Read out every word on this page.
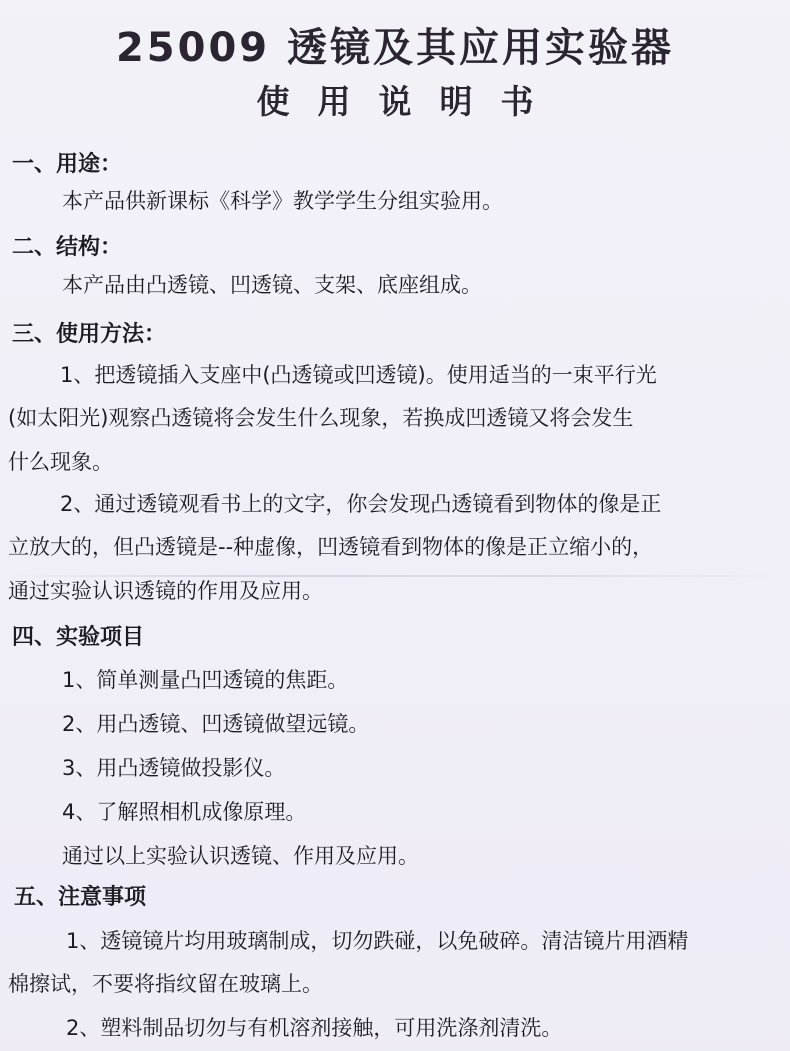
25009 透镜及其应用实验器
使用说明书
一、用途：
本产品供新课标《科学》教学学生分组实验用。
二、结构：
本产品由凸透镜、凹透镜、支架、底座组成。
三、使用方法：
1、把透镜插入支座中(凸透镜或凹透镜)。使用适当的一束平行光
(如太阳光)观察凸透镜将会发生什么现象，若换成凹透镜又将会发生
什么现象。
2、通过透镜观看书上的文字，你会发现凸透镜看到物体的像是正
立放大的，但凸透镜是--种虚像，凹透镜看到物体的像是正立缩小的，
通过实验认识透镜的作用及应用。
四、实验项目
1、简单测量凸凹透镜的焦距。
2、用凸透镜、凹透镜做望远镜。
3、用凸透镜做投影仪。
4、了解照相机成像原理。
通过以上实验认识透镜、作用及应用。
五、注意事项
1、透镜镜片均用玻璃制成，切勿跌碰，以免破碎。清洁镜片用酒精
棉擦试，不要将指纹留在玻璃上。
2、塑料制品切勿与有机溶剂接触，可用洗涤剂清洗。
